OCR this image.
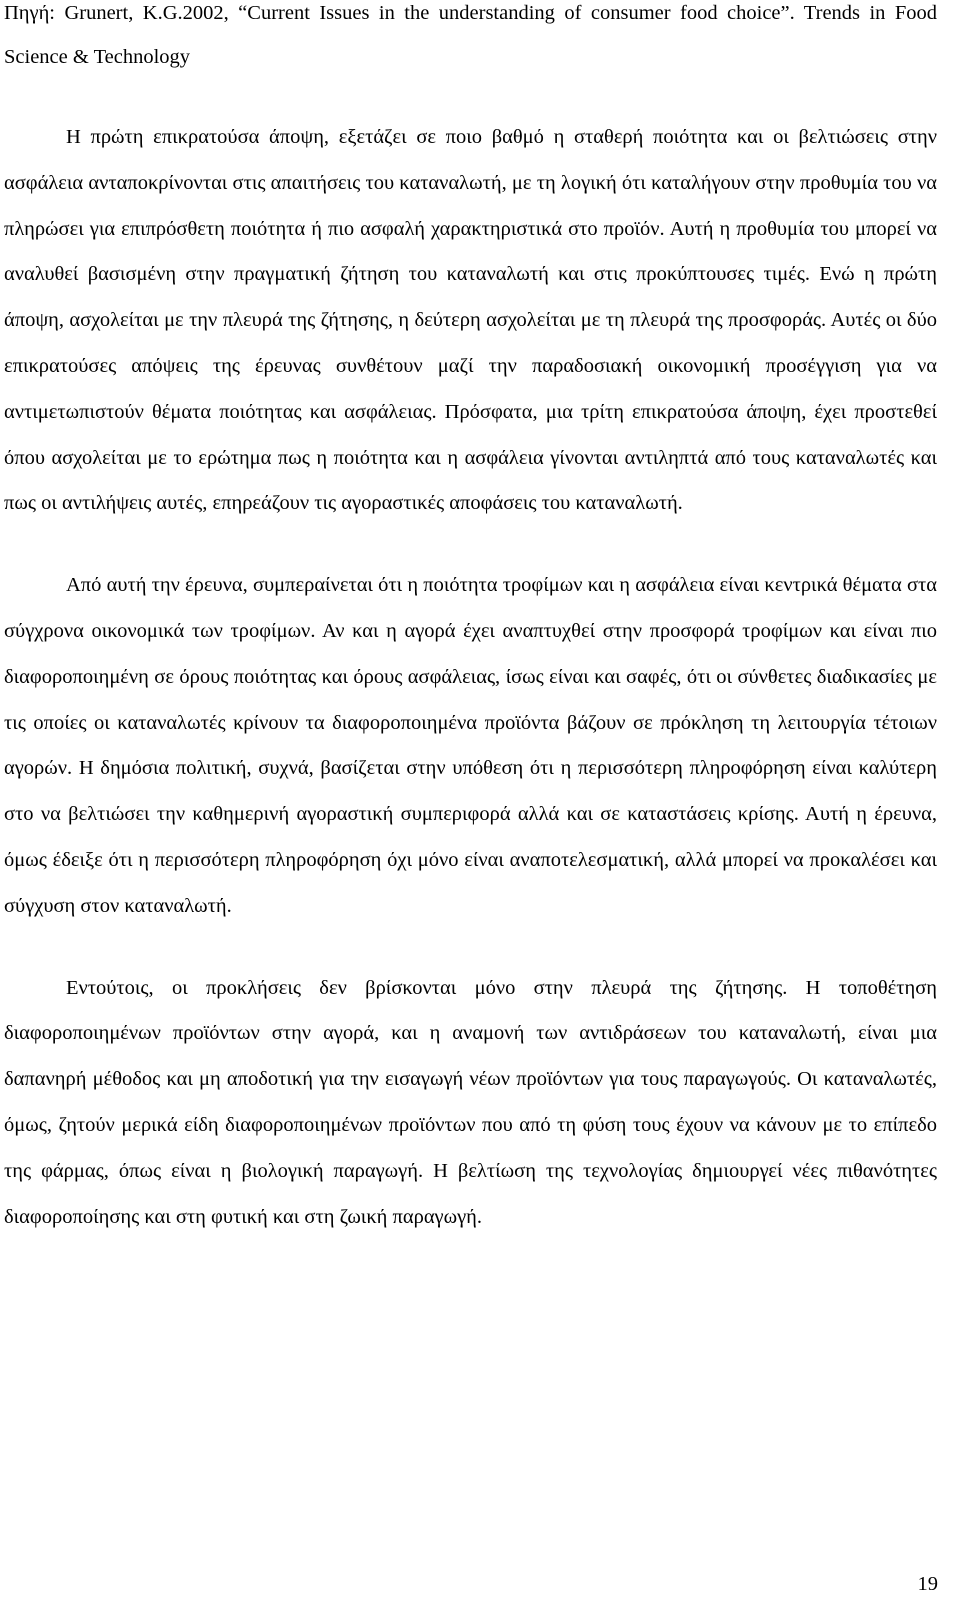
Πηγή: Grunert, K.G.2002, “Current Issues in the understanding of consumer food choice”. Trends in Food Science & Technology

Η πρώτη επικρατούσα άποψη, εξετάζει σε ποιο βαθμό η σταθερή ποιότητα και οι βελτιώσεις στην ασφάλεια ανταποκρίνονται στις απαιτήσεις του καταναλωτή, με τη λογική ότι καταλήγουν στην προθυμία του να πληρώσει για επιπρόσθετη ποιότητα ή πιο ασφαλή χαρακτηριστικά στο προϊόν. Αυτή η προθυμία του μπορεί να αναλυθεί βασισμένη στην πραγματική ζήτηση του καταναλωτή και στις προκύπτουσες τιμές. Ενώ η πρώτη άποψη, ασχολείται με την πλευρά της ζήτησης, η δεύτερη ασχολείται με τη πλευρά της προσφοράς. Αυτές οι δύο επικρατούσες απόψεις της έρευνας συνθέτουν μαζί την παραδοσιακή οικονομική προσέγγιση για να αντιμετωπιστούν θέματα ποιότητας και ασφάλειας. Πρόσφατα, μια τρίτη επικρατούσα άποψη, έχει προστεθεί όπου ασχολείται με το ερώτημα πως η ποιότητα και η ασφάλεια γίνονται αντιληπτά από τους καταναλωτές και πως οι αντιλήψεις αυτές, επηρεάζουν τις αγοραστικές αποφάσεις του καταναλωτή.

Από αυτή την έρευνα, συμπεραίνεται ότι η ποιότητα τροφίμων και η ασφάλεια είναι κεντρικά θέματα στα σύγχρονα οικονομικά των τροφίμων. Αν και η αγορά έχει αναπτυχθεί στην προσφορά τροφίμων και είναι πιο διαφοροποιημένη σε όρους ποιότητας και όρους ασφάλειας, ίσως είναι και σαφές, ότι οι σύνθετες διαδικασίες με τις οποίες οι καταναλωτές κρίνουν τα διαφοροποιημένα προϊόντα βάζουν σε πρόκληση τη λειτουργία τέτοιων αγορών. Η δημόσια πολιτική, συχνά, βασίζεται στην υπόθεση ότι η περισσότερη πληροφόρηση είναι καλύτερη στο να βελτιώσει την καθημερινή αγοραστική συμπεριφορά αλλά και σε καταστάσεις κρίσης. Αυτή η έρευνα, όμως έδειξε ότι η περισσότερη πληροφόρηση όχι μόνο είναι αναποτελεσματική, αλλά μπορεί να προκαλέσει και σύγχυση στον καταναλωτή.

Εντούτοις, οι προκλήσεις δεν βρίσκονται μόνο στην πλευρά της ζήτησης. Η τοποθέτηση διαφοροποιημένων προϊόντων στην αγορά, και η αναμονή των αντιδράσεων του καταναλωτή, είναι μια δαπανηρή μέθοδος και μη αποδοτική για την εισαγωγή νέων προϊόντων για τους παραγωγούς. Οι καταναλωτές, όμως, ζητούν μερικά είδη διαφοροποιημένων προϊόντων που από τη φύση τους έχουν να κάνουν με το επίπεδο της φάρμας, όπως είναι η βιολογική παραγωγή. Η βελτίωση της τεχνολογίας δημιουργεί νέες πιθανότητες διαφοροποίησης και στη φυτική και στη ζωική παραγωγή.

19
